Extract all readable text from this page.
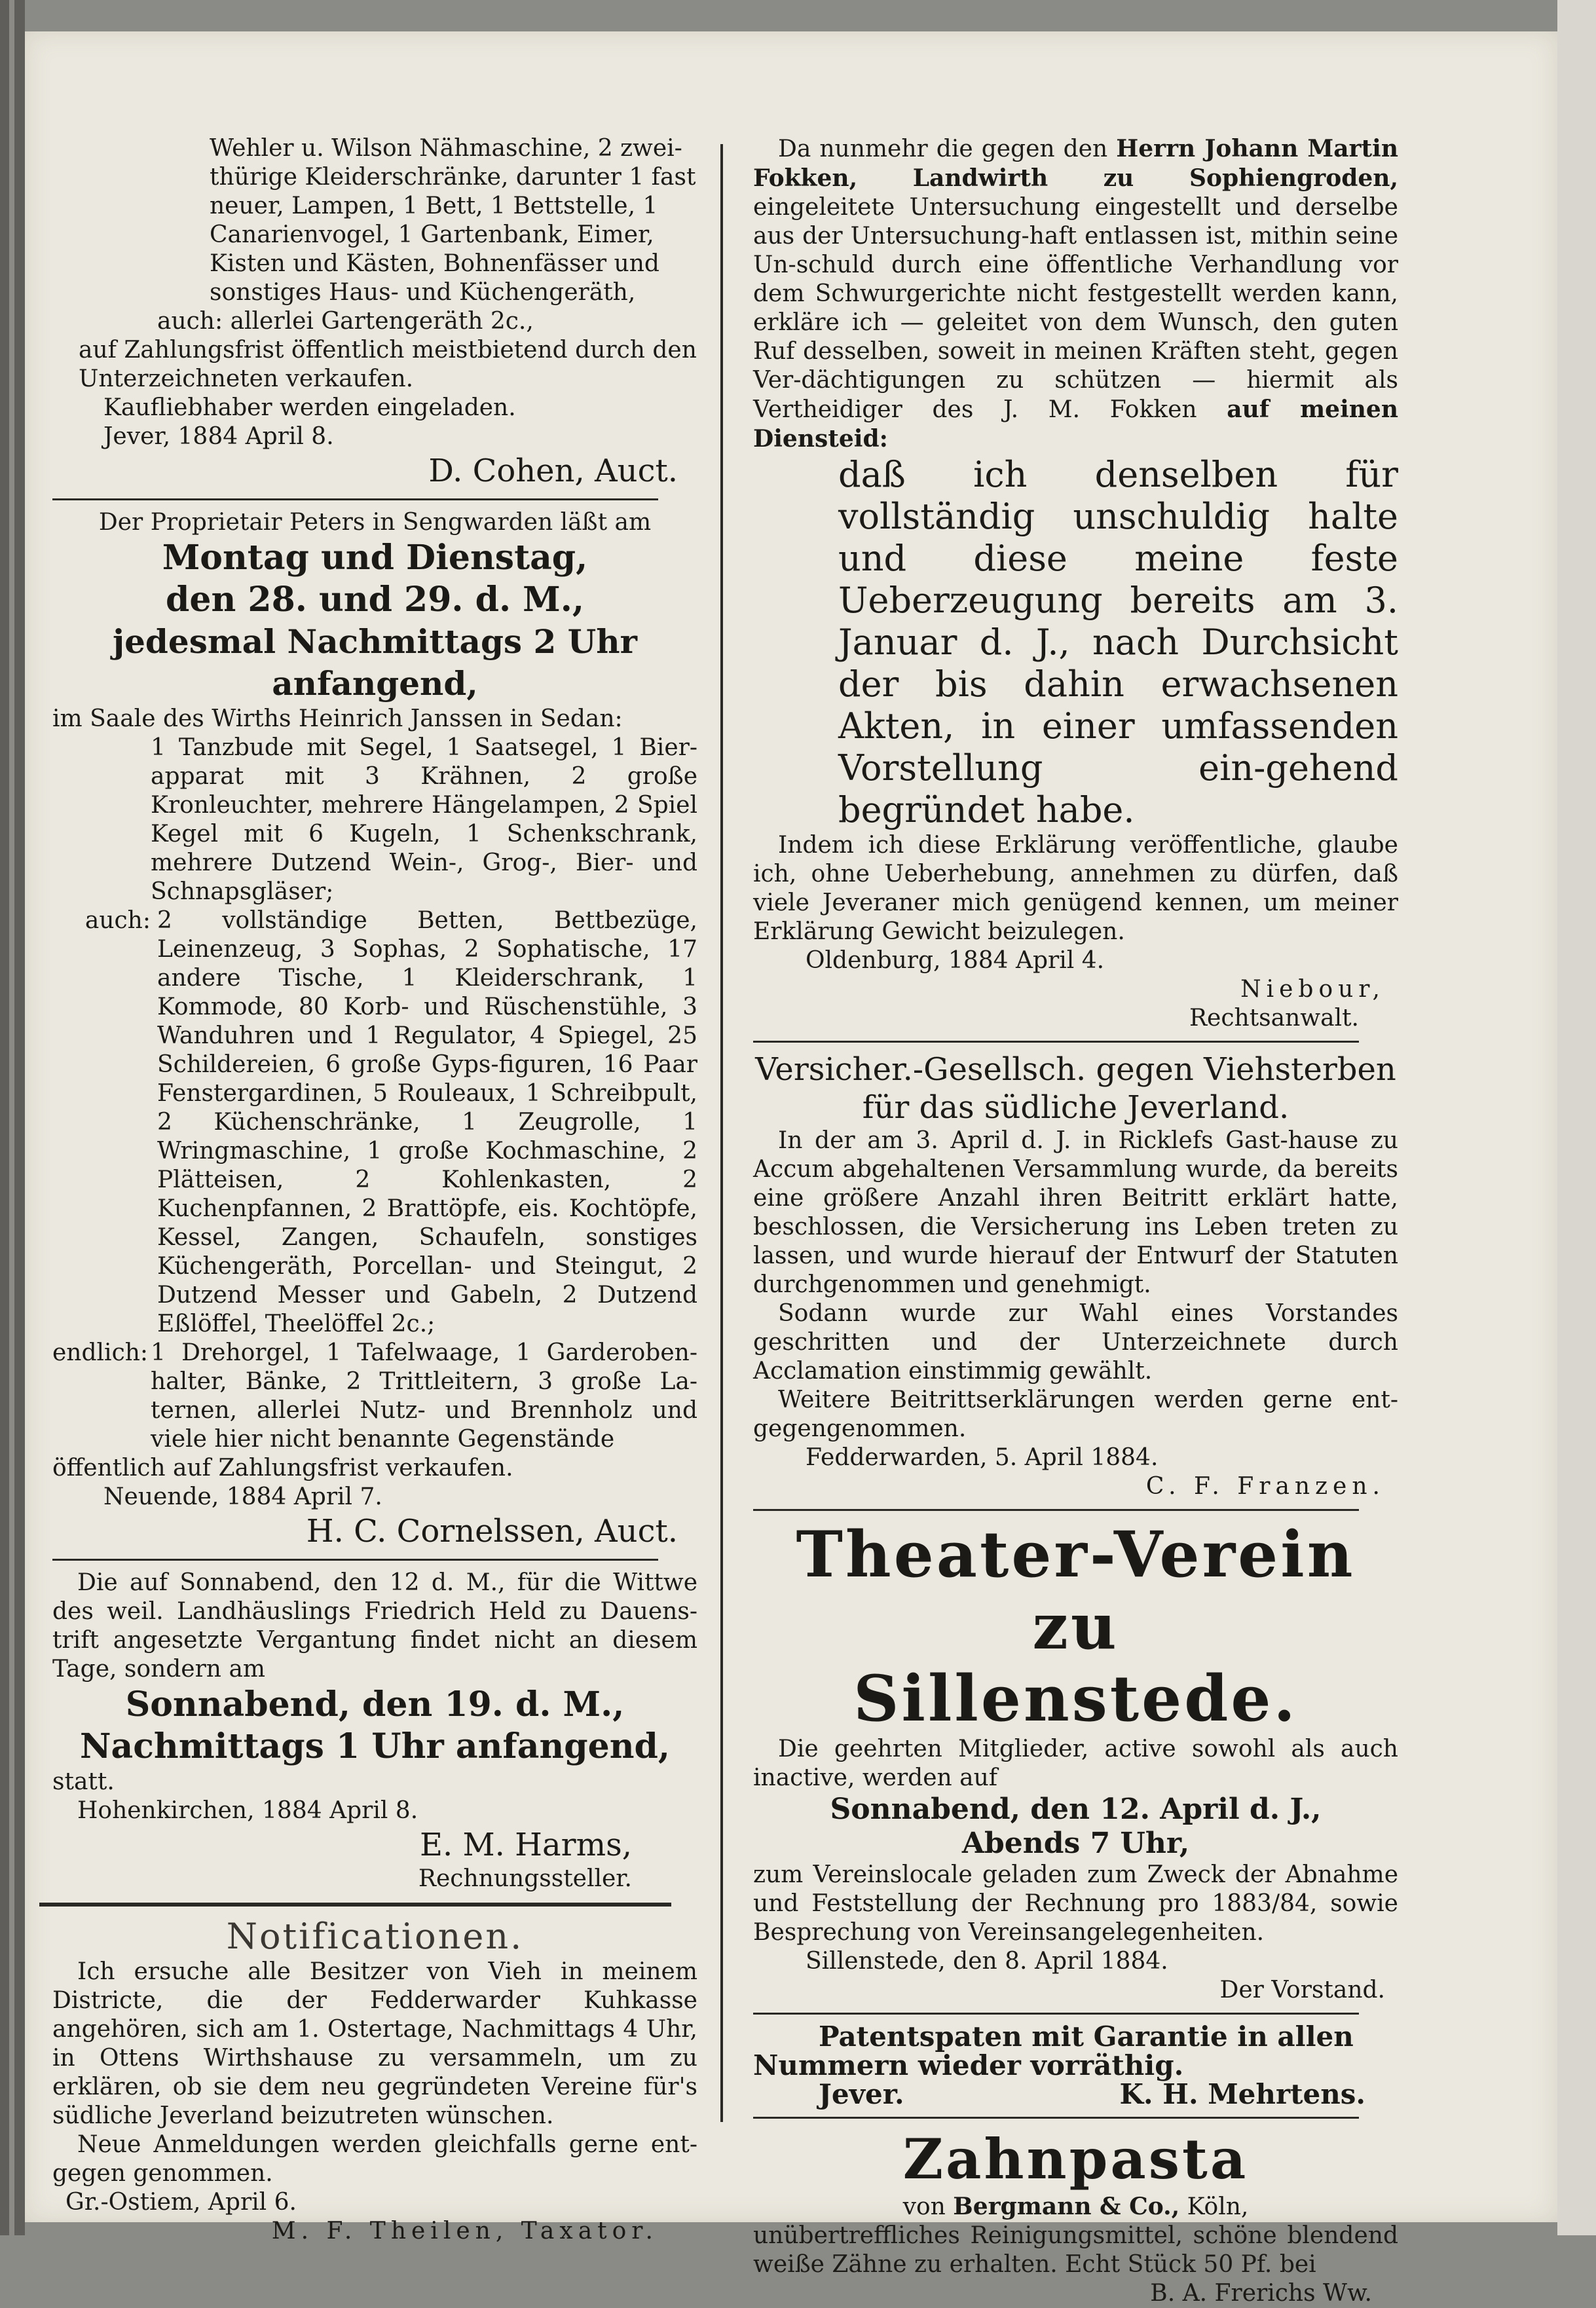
Wehler u. Wilson Nähmaschine, 2 zwei-

thürige Kleiderschränke, darunter 1 fast

neuer, Lampen, 1 Bett, 1 Bettstelle, 1

Canarienvogel, 1 Gartenbank, Eimer,

Kisten und Kästen, Bohnenfässer und

sonstiges Haus- und Küchengeräth,

auch: allerlei Gartengeräth 2c.,

auf Zahlungsfrist öffentlich meistbietend durch den

Unterzeichneten verkaufen.

Kaufliebhaber werden eingeladen.

Jever, 1884 April 8.

D. Cohen, Auct.

Der Proprietair Peters in Sengwarden läßt am

Montag und Dienstag,

den 28. und 29. d. M.,

jedesmal Nachmittags 2 Uhr anfangend,

im Saale des Wirths Heinrich Janssen in Sedan:

1 Tanzbude mit Segel, 1 Saatsegel, 1 Bier-apparat mit 3 Krähnen, 2 große Kronleuchter, mehrere Hängelampen, 2 Spiel Kegel mit 6 Kugeln, 1 Schenkschrank, mehrere Dutzend Wein-, Grog-, Bier- und Schnapsgläser;

auch: 2 vollständige Betten, Bettbezüge, Leinenzeug, 3 Sophas, 2 Sophatische, 17 andere Tische, 1 Kleiderschrank, 1 Kommode, 80 Korb- und Rüschenstühle, 3 Wanduhren und 1 Regulator, 4 Spiegel, 25 Schildereien, 6 große Gyps-figuren, 16 Paar Fenstergardinen, 5 Rouleaux, 1 Schreibpult, 2 Küchenschränke, 1 Zeugrolle, 1 Wringmaschine, 1 große Kochmaschine, 2 Plätteisen, 2 Kohlenkasten, 2 Kuchenpfannen, 2 Brattöpfe, eis. Kochtöpfe, Kessel, Zangen, Schaufeln, sonstiges Küchengeräth, Porcellan- und Steingut, 2 Dutzend Messer und Gabeln, 2 Dutzend Eßlöffel, Theelöffel 2c.;

endlich: 1 Drehorgel, 1 Tafelwaage, 1 Garderoben-halter, Bänke, 2 Trittleitern, 3 große La-ternen, allerlei Nutz- und Brennholz und viele hier nicht benannte Gegenstände

öffentlich auf Zahlungsfrist verkaufen.

Neuende, 1884 April 7.

H. C. Cornelssen, Auct.

Die auf Sonnabend, den 12 d. M., für die Wittwe des weil. Landhäuslings Friedrich Held zu Dauens-trift angesetzte Vergantung findet nicht an diesem Tage, sondern am

Sonnabend, den 19. d. M.,

Nachmittags 1 Uhr anfangend,

statt.

Hohenkirchen, 1884 April 8.

E. M. Harms,

Rechnungssteller.

Notificationen.

Ich ersuche alle Besitzer von Vieh in meinem Districte, die der Fedderwarder Kuhkasse angehören, sich am 1. Ostertage, Nachmittags 4 Uhr, in Ottens Wirthshause zu versammeln, um zu erklären, ob sie dem neu gegründeten Vereine für's südliche Jeverland beizutreten wünschen.

Neue Anmeldungen werden gleichfalls gerne ent-gegen genommen.

Gr.-Ostiem, April 6.

M. F. Theilen, Taxator.

Da nunmehr die gegen den Herrn Johann Martin Fokken, Landwirth zu Sophiengroden, eingeleitete Untersuchung eingestellt und derselbe aus der Untersuchung-haft entlassen ist, mithin seine Un-schuld durch eine öffentliche Verhandlung vor dem Schwurgerichte nicht festgestellt werden kann, erkläre ich — geleitet von dem Wunsch, den guten Ruf desselben, soweit in meinen Kräften steht, gegen Ver-dächtigungen zu schützen — hiermit als Vertheidiger des J. M. Fokken auf meinen Diensteid:

daß ich denselben für vollständig unschuldig halte und diese meine feste Ueberzeugung bereits am 3. Januar d. J., nach Durchsicht der bis dahin erwachsenen Akten, in einer umfassenden Vorstellung ein-gehend begründet habe.

Indem ich diese Erklärung veröffentliche, glaube ich, ohne Ueberhebung, annehmen zu dürfen, daß viele Jeveraner mich genügend kennen, um meiner Erklärung Gewicht beizulegen.

Oldenburg, 1884 April 4.

Niebour,

Rechtsanwalt.

Versicher.-Gesellsch. gegen Viehsterben

für das südliche Jeverland.

In der am 3. April d. J. in Ricklefs Gast-hause zu Accum abgehaltenen Versammlung wurde, da bereits eine größere Anzahl ihren Beitritt erklärt hatte, beschlossen, die Versicherung ins Leben treten zu lassen, und wurde hierauf der Entwurf der Statuten durchgenommen und genehmigt.

Sodann wurde zur Wahl eines Vorstandes geschritten und der Unterzeichnete durch Acclamation einstimmig gewählt.

Weitere Beitrittserklärungen werden gerne ent-gegengenommen.

Fedderwarden, 5. April 1884.

C. F. Franzen.

Theater-Verein zu

Sillenstede.

Die geehrten Mitglieder, active sowohl als auch inactive, werden auf

Sonnabend, den 12. April d. J.,

Abends 7 Uhr,

zum Vereinslocale geladen zum Zweck der Abnahme und Feststellung der Rechnung pro 1883/84, sowie Besprechung von Vereinsangelegenheiten.

Sillenstede, den 8. April 1884.

Der Vorstand.

Patentspaten mit Garantie in allen

Nummern wieder vorräthig.

Jever.	K. H. Mehrtens.

Zahnpasta

von Bergmann & Co., Köln,

unübertreffliches Reinigungsmittel, schöne blendend weiße Zähne zu erhalten. Echt Stück 50 Pf. bei

B. A. Frerichs Ww.
